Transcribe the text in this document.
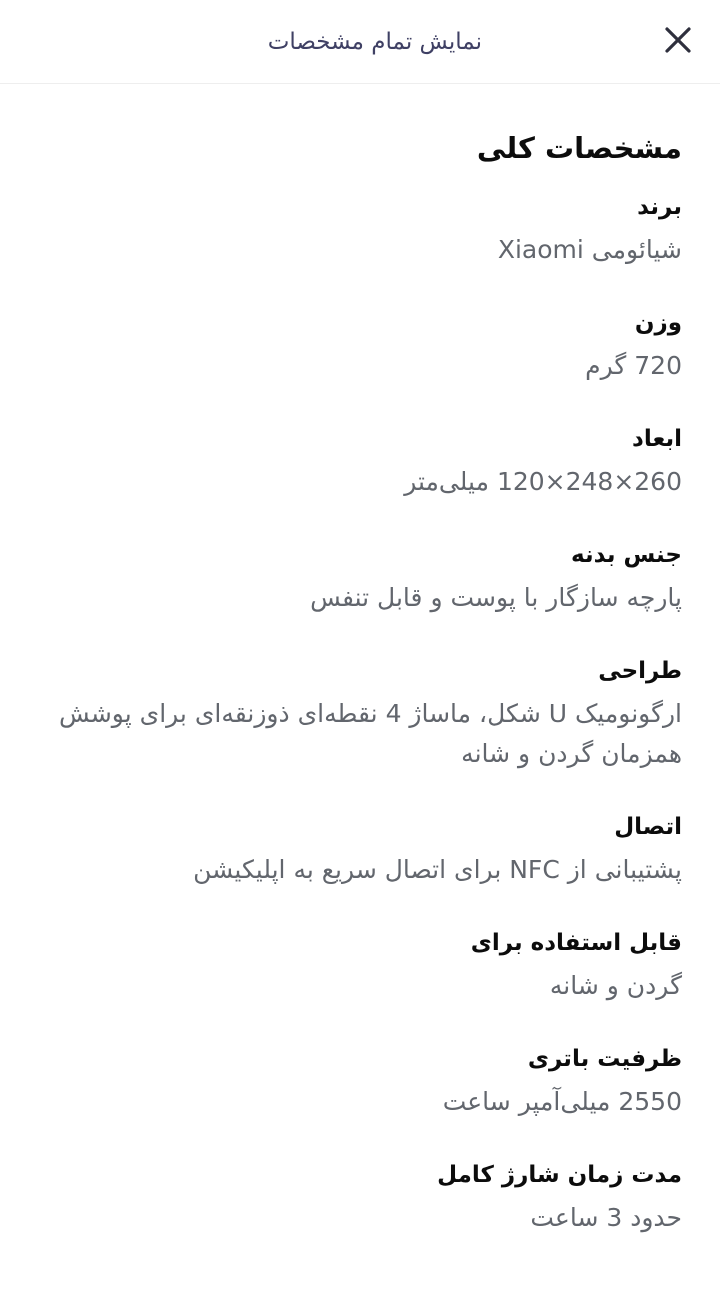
نمایش تمام مشخصات
مشخصات کلی
برند
شیائومی Xiaomi
وزن
720 گرم
ابعاد
260×248×120 میلی‌متر
جنس بدنه
پارچه سازگار با پوست و قابل تنفس
طراحی
ارگونومیک U شکل، ماساژ 4 نقطه‌ای ذوزنقه‌ای برای پوشش همزمان گردن و شانه
اتصال
پشتیبانی از NFC برای اتصال سریع به اپلیکیشن
قابل استفاده برای
گردن و شانه
ظرفیت باتری
2550 میلی‌آمپر ساعت
مدت زمان شارژ کامل
حدود 3 ساعت
